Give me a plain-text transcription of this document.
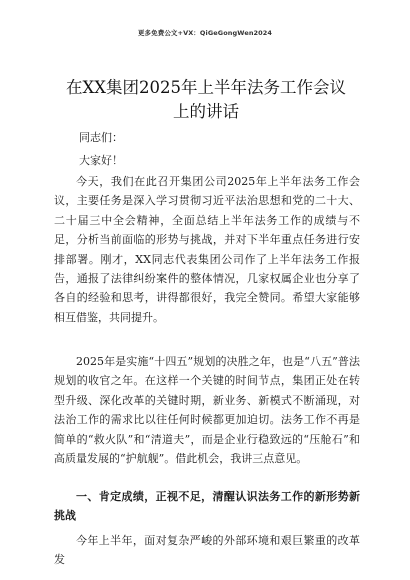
更多免费公文+VX：QiGeGongWen2024
在XX集团2025年上半年法务工作会议上的讲话
同志们：
大家好！
今天，我们在此召开集团公司2025年上半年法务工作会议，主要任务是深入学习贯彻习近平法治思想和党的二十大、二十届三中全会精神，全面总结上半年法务工作的成绩与不足，分析当前面临的形势与挑战，并对下半年重点任务进行安排部署。刚才，XX同志代表集团公司作了上半年法务工作报告，通报了法律纠纷案件的整体情况，几家权属企业也分享了各自的经验和思考，讲得都很好，我完全赞同。希望大家能够相互借鉴，共同提升。
2025年是实施“十四五”规划的决胜之年，也是“八五”普法规划的收官之年。在这样一个关键的时间节点，集团正处在转型升级、深化改革的关键时期，新业务、新模式不断涌现，对法治工作的需求比以往任何时候都更加迫切。法务工作不再是简单的“救火队”和“清道夫”，而是企业行稳致远的“压舱石”和高质量发展的“护航舰”。借此机会，我讲三点意见。
一、肯定成绩，正视不足，清醒认识法务工作的新形势新挑战
今年上半年，面对复杂严峻的外部环境和艰巨繁重的改革发
